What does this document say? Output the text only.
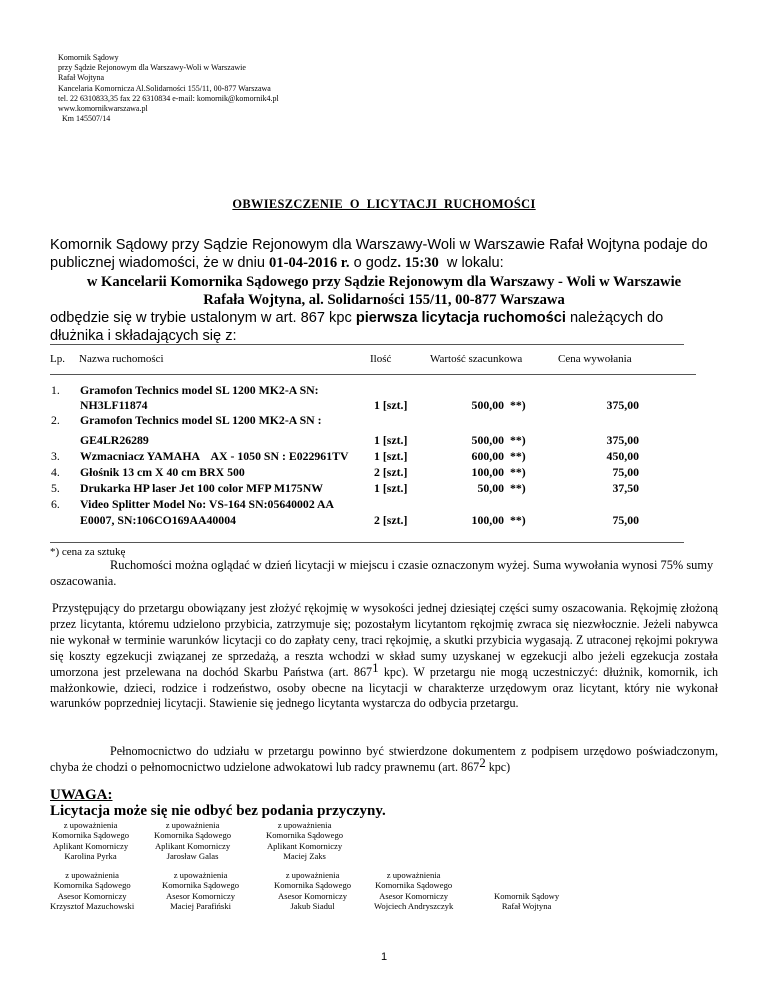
Komornik Sądowy
przy Sądzie Rejonowym dla Warszawy-Woli w Warszawie
Rafał Wojtyna
Kancelaria Komornicza Al.Solidarności 155/11, 00-877 Warszawa
tel. 22 6310833,35 fax 22 6310834 e-mail: komornik@komornik4.pl
www.komornikwarszawa.pl
Km 145507/14
OBWIESZCZENIE  O  LICYTACJI  RUCHOMOŚCI
Komornik Sądowy przy Sądzie Rejonowym dla Warszawy-Woli w Warszawie Rafał Wojtyna podaje do publicznej wiadomości, że w dniu 01-04-2016 r. o godz. 15:30  w lokalu:
w Kancelarii Komornika Sądowego przy Sądzie Rejonowym dla Warszawy - Woli w Warszawie
Rafała Wojtyna, al. Solidarności 155/11, 00-877 Warszawa
odbędzie się w trybie ustalonym w art. 867 kpc pierwsza licytacja ruchomości należących do dłużnika i składających się z:
Lp. Nazwa ruchomości	Ilość	Wartość szacunkowa	Cena wywołania
1. Gramofon Technics model SL 1200 MK2-A SN:
NH3LF11874	1 [szt.]	500,00 **)	375,00
2. Gramofon Technics model SL 1200 MK2-A SN :
GE4LR26289	1 [szt.]	500,00 **)	375,00
3. Wzmacniacz YAMAHA    AX - 1050 SN : E022961TV 1 [szt.]	600,00 **)	450,00
4. Głośnik 13 cm X 40 cm BRX 500	2 [szt.]	100,00 **)	75,00
5. Drukarka HP laser Jet 100 color MFP M175NW	1 [szt.]	50,00 **)	37,50
6. Video Splitter Model No: VS-164 SN:05640002 AA
E0007, SN:106CO169AA40004	2 [szt.]	100,00 **)	75,00
*) cena za sztukę
Ruchomości można oglądać w dzień licytacji w miejscu i czasie oznaczonym wyżej. Suma wywołania wynosi 75% sumy oszacowania.
Przystępujący do przetargu obowiązany jest złożyć rękojmię w wysokości jednej dziesiątej części sumy oszacowania. Rękojmię złożoną przez licytanta, któremu udzielono przybicia, zatrzymuje się; pozostałym licytantom rękojmię zwraca się niezwłocznie. Jeżeli nabywca nie wykonał w terminie warunków licytacji co do zapłaty ceny, traci rękojmię, a skutki przybicia wygasają. Z utraconej rękojmi pokrywa się koszty egzekucji związanej ze sprzedażą, a reszta wchodzi w skład sumy uzyskanej w egzekucji albo jeżeli egzekucja została umorzona jest przelewana na dochód Skarbu Państwa (art. $867^1$ kpc). W przetargu nie mogą uczestniczyć: dłużnik, komornik, ich małżonkowie, dzieci, rodzice i rodzeństwo, osoby obecne na licytacji w charakterze urzędowym oraz licytant, który nie wykonał warunków poprzedniej licytacji. Stawienie się jednego licytanta wystarcza do odbycia przetargu.
Pełnomocnictwo do udziału w przetargu powinno być stwierdzone dokumentem z podpisem urzędowo poświadczonym, chyba że chodzi o pełnomocnictwo udzielone adwokatowi lub radcy prawnemu (art. $867^2$ kpc)
UWAGA:
Licytacja może się nie odbyć bez podania przyczyny.
z upoważnienia
Komornika Sądowego
Aplikant Komorniczy
Karolina Pyrka
z upoważnienia
Komornika Sądowego
Aplikant Komorniczy
Jarosław Galas
z upoważnienia
Komornika Sądowego
Aplikant Komorniczy
Maciej Zaks
z upoważnienia
Komornika Sądowego
Asesor Komorniczy
Krzysztof Mazuchowski
z upoważnienia
Komornika Sądowego
Asesor Komorniczy
Maciej Parafiński
z upoważnienia
Komornika Sądowego
Asesor Komorniczy
Jakub Siadul
z upoważnienia
Komornika Sądowego
Asesor Komorniczy
Wojciech Andryszczyk
Komornik Sądowy
Rafał Wojtyna
1
